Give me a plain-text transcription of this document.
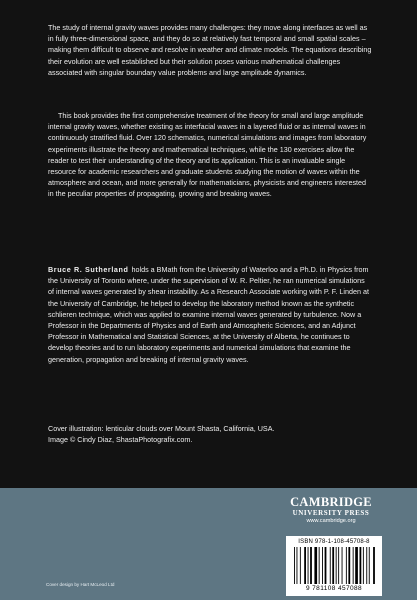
The study of internal gravity waves provides many challenges: they move along interfaces as well as in fully three-dimensional space, and they do so at relatively fast temporal and small spatial scales – making them difficult to observe and resolve in weather and climate models. The equations describing their evolution are well established but their solution poses various mathematical challenges associated with singular boundary value problems and large amplitude dynamics.

This book provides the first comprehensive treatment of the theory for small and large amplitude internal gravity waves, whether existing as interfacial waves in a layered fluid or as internal waves in continuously stratified fluid. Over 120 schematics, numerical simulations and images from laboratory experiments illustrate the theory and mathematical techniques, while the 130 exercises allow the reader to test their understanding of the theory and its application. This is an invaluable single resource for academic researchers and graduate students studying the motion of waves within the atmosphere and ocean, and more generally for mathematicians, physicists and engineers interested in the peculiar properties of propagating, growing and breaking waves.

Bruce R. Sutherland holds a BMath from the University of Waterloo and a Ph.D. in Physics from the University of Toronto where, under the supervision of W. R. Peltier, he ran numerical simulations of internal waves generated by shear instability. As a Research Associate working with P. F. Linden at the University of Cambridge, he helped to develop the laboratory method known as the synthetic schlieren technique, which was applied to examine internal waves generated by turbulence. Now a Professor in the Departments of Physics and of Earth and Atmospheric Sciences, and an Adjunct Professor in Mathematical and Statistical Sciences, at the University of Alberta, he continues to develop theories and to run laboratory experiments and numerical simulations that examine the generation, propagation and breaking of internal gravity waves.

Cover illustration: lenticular clouds over Mount Shasta, California, USA.
Image © Cindy Diaz, ShastaPhotografix.com.
Cover design by Hart McLeod Ltd
CAMBRIDGE
UNIVERSITY PRESS
www.cambridge.org
ISBN 978-1-108-45708-8
9 781108 457088
